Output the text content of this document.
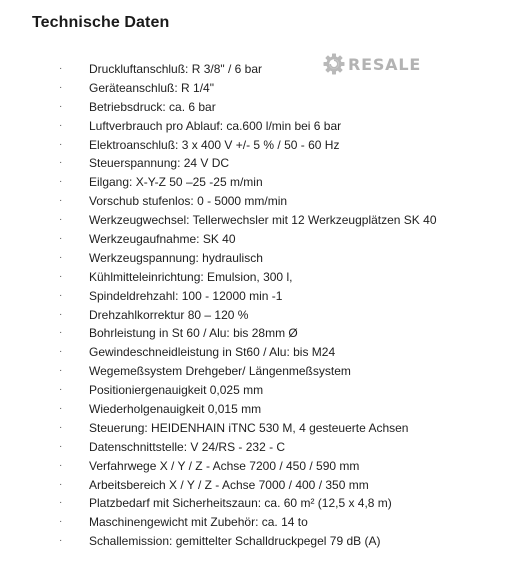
Technische Daten
RESALE
· Druckluftanschluß: R 3/8" / 6 bar
· Geräteanschluß: R 1/4"
· Betriebsdruck: ca. 6 bar
· Luftverbrauch pro Ablauf: ca.600 l/min bei 6 bar
· Elektroanschluß: 3 x 400 V +/- 5 % / 50 - 60 Hz
· Steuerspannung: 24 V DC
· Eilgang: X-Y-Z 50 –25 -25 m/min
· Vorschub stufenlos: 0 - 5000 mm/min
· Werkzeugwechsel: Tellerwechsler mit 12 Werkzeugplätzen SK 40
· Werkzeugaufnahme: SK 40
· Werkzeugspannung: hydraulisch
· Kühlmitteleinrichtung: Emulsion, 300 l,
· Spindeldrehzahl: 100 - 12000 min -1
· Drehzahlkorrektur 80 – 120 %
· Bohrleistung in St 60 / Alu: bis 28mm Ø
· Gewindeschneidleistung in St60 / Alu: bis M24
· Wegemeßsystem Drehgeber/ Längenmeßsystem
· Positioniergenauigkeit 0,025 mm
· Wiederholgenauigkeit 0,015 mm
· Steuerung: HEIDENHAIN iTNC 530 M, 4 gesteuerte Achsen
· Datenschnittstelle: V 24/RS - 232 - C
· Verfahrwege X / Y / Z - Achse 7200 / 450 / 590 mm
· Arbeitsbereich X / Y / Z - Achse 7000 / 400 / 350 mm
· Platzbedarf mit Sicherheitszaun: ca. 60 m² (12,5 x 4,8 m)
· Maschinengewicht mit Zubehör: ca. 14 to
· Schallemission: gemittelter Schalldruckpegel 79 dB (A)
